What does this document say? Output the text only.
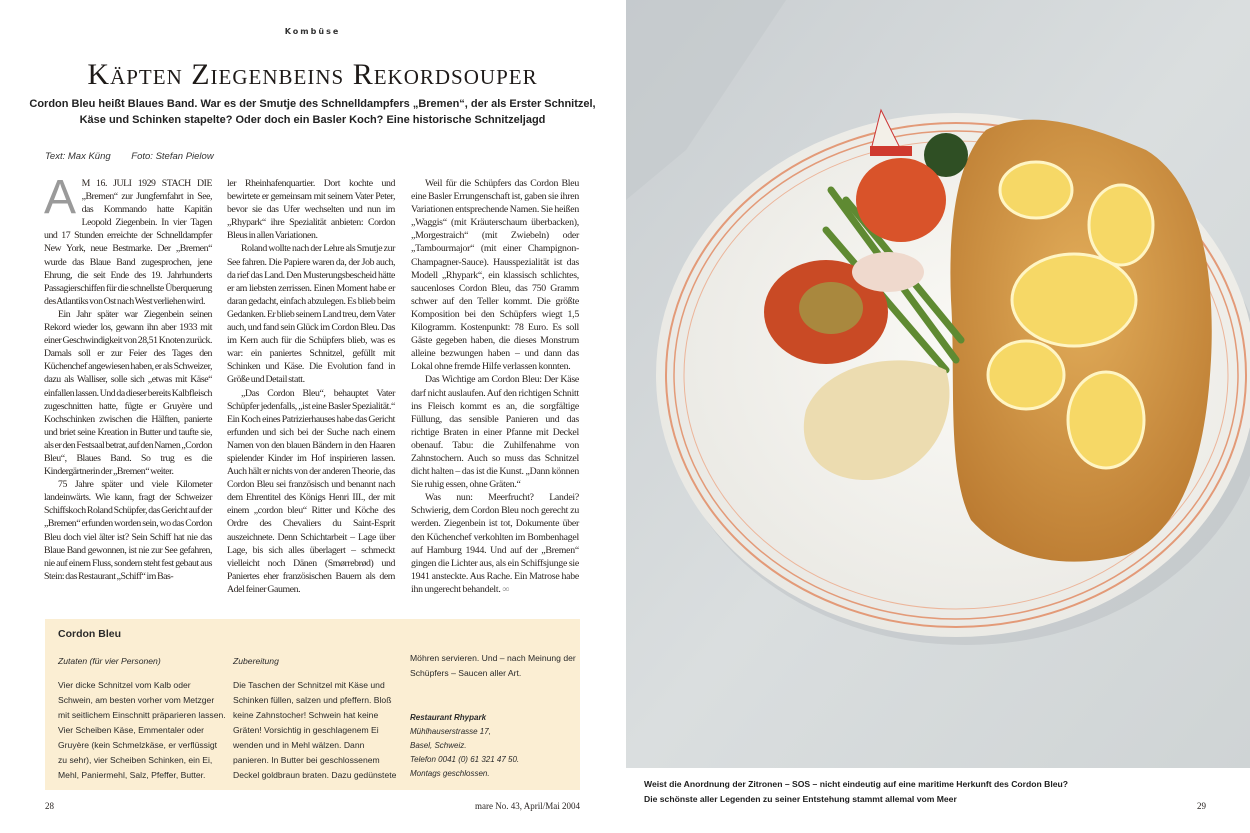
Kombüse
Käpten Ziegenbeins Rekordsouper
Cordon Bleu heißt Blaues Band. War es der Smutje des Schnelldampfers „Bremen“, der als Erster Schnitzel, Käse und Schinken stapelte? Oder doch ein Basler Koch? Eine historische Schnitzeljagd
Text: Max Küng Foto: Stefan Pielow

AM 16. JULI 1929 STACH DIE „Bremen“ zur Jungfernfahrt in See, das Kommando hatte Kapitän Leopold Ziegenbein. In vier Tagen und 17 Stunden erreichte der Schnelldampfer New York, neue Bestmarke. Der „Bremen“ wurde das Blaue Band zugesprochen, jene Ehrung, die seit Ende des 19. Jahrhunderts Passagierschiffen für die schnellste Überquerung des Atlantiks von Ost nach West verliehen wird.

Ein Jahr später war Ziegenbein seinen Rekord wieder los, gewann ihn aber 1933 mit einer Geschwindigkeit von 28,51 Knoten zurück. Damals soll er zur Feier des Tages den Küchenchef angewiesen haben, er als Schweizer, dazu als Walliser, solle sich „etwas mit Käse“ einfallen lassen. Und da dieser bereits Kalbfleisch zugeschnitten hatte, fügte er Gruyère und Kochschinken zwischen die Hälften, panierte und briet seine Kreation in Butter und taufte sie, als er den Festsaal betrat, auf den Namen „Cordon Bleu“, Blaues Band. So trug es die Kindergärtnerin der „Bremen“ weiter.

75 Jahre später und viele Kilometer landeinwärts. Wie kann, fragt der Schweizer Schiffskoch Roland Schüpfer, das Gericht auf der „Bremen“ erfunden worden sein, wo das Cordon Bleu doch viel älter ist? Sein Schiff hat nie das Blaue Band gewonnen, ist nie zur See gefahren, nie auf einem Fluss, sondern steht fest gebaut aus Stein: das Restaurant „Schiff“ im Bas-

ler Rheinhafenquartier. Dort kochte und bewirtete er gemeinsam mit seinem Vater Peter, bevor sie das Ufer wechselten und nun im „Rhypark“ ihre Spezialität anbieten: Cordon Bleus in allen Variationen.

Roland wollte nach der Lehre als Smutje zur See fahren. Die Papiere waren da, der Job auch, da rief das Land. Den Musterungsbescheid hätte er am liebsten zerrissen. Einen Moment habe er daran gedacht, einfach abzulegen. Es blieb beim Gedanken. Er blieb seinem Land treu, dem Vater auch, und fand sein Glück im Cordon Bleu. Das im Kern auch für die Schüpfers blieb, was es war: ein paniertes Schnitzel, gefüllt mit Schinken und Käse. Die Evolution fand in Größe und Detail statt.

„Das Cordon Bleu“, behauptet Vater Schüpfer jedenfalls, „ist eine Basler Spezialität.“ Ein Koch eines Patrizierhauses habe das Gericht erfunden und sich bei der Suche nach einem Namen von den blauen Bändern in den Haaren spielender Kinder im Hof inspirieren lassen. Auch hält er nichts von der anderen Theorie, das Cordon Bleu sei französisch und benannt nach dem Ehrentitel des Königs Henri III., der mit einem „cordon bleu“ Ritter und Köche des Ordre des Chevaliers du Saint-Esprit auszeichnete. Denn Schichtarbeit – Lage über Lage, bis sich alles überlagert – schmeckt vielleicht noch Dänen (Smørrebrød) und Paniertes eher französischen Bauern als dem Adel feiner Gaumen.

Weil für die Schüpfers das Cordon Bleu eine Basler Errungenschaft ist, gaben sie ihren Variationen entsprechende Namen. Sie heißen „Waggis“ (mit Kräuterschaum überbacken), „Morgestraich“ (mit Zwiebeln) oder „Tambourmajor“ (mit einer Champignon-Champagner-Sauce). Hausspezialität ist das Modell „Rhypark“, ein klassisch schlichtes, saucenloses Cordon Bleu, das 750 Gramm schwer auf den Teller kommt. Die größte Komposition bei den Schüpfers wiegt 1,5 Kilogramm. Kostenpunkt: 78 Euro. Es soll Gäste gegeben haben, die dieses Monstrum alleine bezwungen haben – und dann das Lokal ohne fremde Hilfe verlassen konnten.

Das Wichtige am Cordon Bleu: Der Käse darf nicht auslaufen. Auf den richtigen Schnitt ins Fleisch kommt es an, die sorgfältige Füllung, das sensible Panieren und das richtige Braten in einer Pfanne mit Deckel obenauf. Tabu: die Zuhilfenahme von Zahnstochern. Auch so muss das Schnitzel dicht halten – das ist die Kunst. „Dann können Sie ruhig essen, ohne Gräten.“

Was nun: Meerfrucht? Landei? Schwierig, dem Cordon Bleu noch gerecht zu werden. Ziegenbein ist tot, Dokumente über den Küchenchef verkohlten im Bombenhagel auf Hamburg 1944. Und auf der „Bremen“ gingen die Lichter aus, als ein Schiffsjunge sie 1941 ansteckte. Aus Rache. Ein Matrose habe ihn ungerecht behandelt. ∞

Cordon Bleu
Zutaten (für vier Personen)
Vier dicke Schnitzel vom Kalb oder Schwein, am besten vorher vom Metzger mit seitlichem Einschnitt präparieren lassen. Vier Scheiben Käse, Emmentaler oder Gruyère (kein Schmelzkäse, er verflüssigt zu sehr), vier Scheiben Schinken, ein Ei, Mehl, Paniermehl, Salz, Pfeffer, Butter.
Zubereitung
Die Taschen der Schnitzel mit Käse und Schinken füllen, salzen und pfeffern. Bloß keine Zahnstocher! Schwein hat keine Gräten! Vorsichtig in geschlagenem Ei wenden und in Mehl wälzen. Dann panieren. In Butter bei geschlossenem Deckel goldbraun braten. Dazu gedünstete
Möhren servieren. Und – nach Meinung der Schüpfers – Saucen aller Art.
Restaurant Rhypark
Mühlhauserstrasse 17,
Basel, Schweiz.
Telefon 0041 (0) 61 321 47 50.
Montags geschlossen.
28	mare No. 43, April/Mai 2004
Weist die Anordnung der Zitronen – SOS – nicht eindeutig auf eine maritime Herkunft des Cordon Bleu?
Die schönste aller Legenden zu seiner Entstehung stammt allemal vom Meer
29
